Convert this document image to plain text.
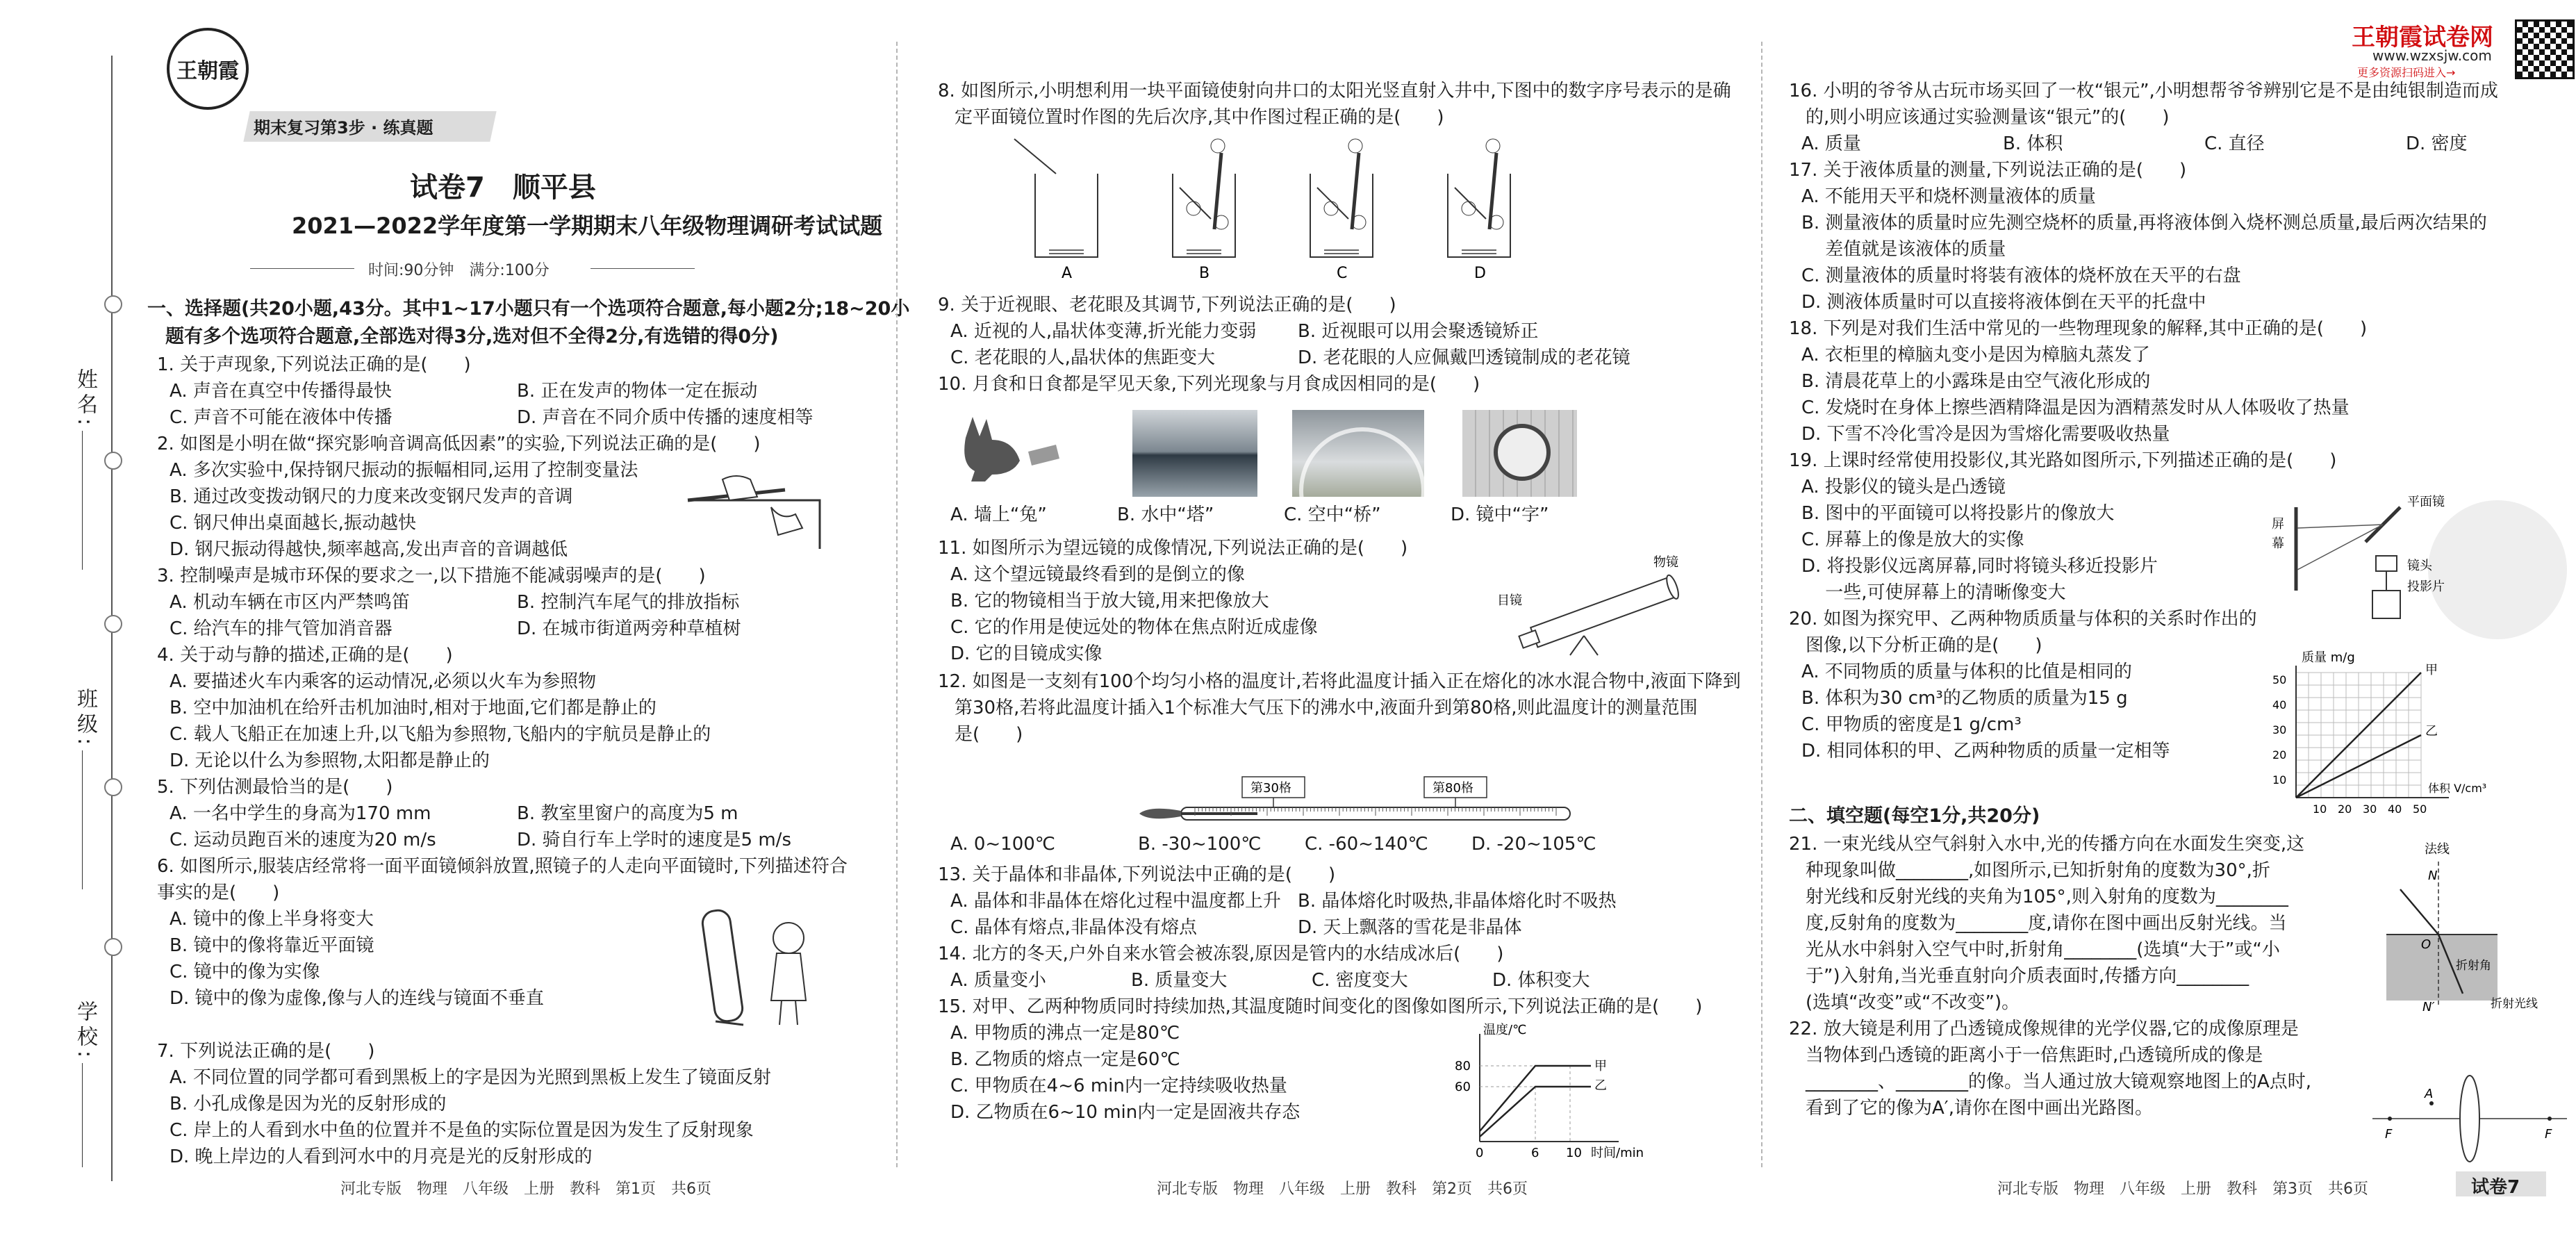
姓名:
班级:
学校:
王朝霞
期末复习第3步 · 练真题
试卷7　顺平县
2021—2022学年度第一学期期末八年级物理调研考试试题
时间:90分钟　满分:100分
一、选择题(共20小题,43分。其中1~17小题只有一个选项符合题意,每小题2分;18~20小
题有多个选项符合题意,全部选对得3分,选对但不全得2分,有选错的得0分)
1. 关于声现象,下列说法正确的是(　　)
A. 声音在真空中传播得最快	B. 正在发声的物体一定在振动
C. 声音不可能在液体中传播	D. 声音在不同介质中传播的速度相等
2. 如图是小明在做“探究影响音调高低因素”的实验,下列说法正确的是(　　)
A. 多次实验中,保持钢尺振动的振幅相同,运用了控制变量法
B. 通过改变拨动钢尺的力度来改变钢尺发声的音调
C. 钢尺伸出桌面越长,振动越快
D. 钢尺振动得越快,频率越高,发出声音的音调越低
3. 控制噪声是城市环保的要求之一,以下措施不能减弱噪声的是(　　)
A. 机动车辆在市区内严禁鸣笛	B. 控制汽车尾气的排放指标
C. 给汽车的排气管加消音器	D. 在城市街道两旁种草植树
4. 关于动与静的描述,正确的是(　　)
A. 要描述火车内乘客的运动情况,必须以火车为参照物
B. 空中加油机在给歼击机加油时,相对于地面,它们都是静止的
C. 载人飞船正在加速上升,以飞船为参照物,飞船内的宇航员是静止的
D. 无论以什么为参照物,太阳都是静止的
5. 下列估测最恰当的是(　　)
A. 一名中学生的身高为170 mm	B. 教室里窗户的高度为5 m
C. 运动员跑百米的速度为20 m/s	D. 骑自行车上学时的速度是5 m/s
6. 如图所示,服装店经常将一面平面镜倾斜放置,照镜子的人走向平面镜时,下列描述符合
事实的是(　　)
A. 镜中的像上半身将变大
B. 镜中的像将靠近平面镜
C. 镜中的像为实像
D. 镜中的像为虚像,像与人的连线与镜面不垂直
7. 下列说法正确的是(　　)
A. 不同位置的同学都可看到黑板上的字是因为光照到黑板上发生了镜面反射
B. 小孔成像是因为光的反射形成的
C. 岸上的人看到水中鱼的位置并不是鱼的实际位置是因为发生了反射现象
D. 晚上岸边的人看到河水中的月亮是光的反射形成的
河北专版　物理　八年级　上册　教科　第1页　共6页
8. 如图所示,小明想利用一块平面镜使射向井口的太阳光竖直射入井中,下图中的数字序号表示的是确
定平面镜位置时作图的先后次序,其中作图过程正确的是(　　)
A	B	C	D
9. 关于近视眼、老花眼及其调节,下列说法正确的是(　　)
A. 近视的人,晶状体变薄,折光能力变弱	B. 近视眼可以用会聚透镜矫正
C. 老花眼的人,晶状体的焦距变大	D. 老花眼的人应佩戴凹透镜制成的老花镜
10. 月食和日食都是罕见天象,下列光现象与月食成因相同的是(　　)
A. 墙上“兔”	B. 水中“塔”	C. 空中“桥”	D. 镜中“字”
11. 如图所示为望远镜的成像情况,下列说法正确的是(　　)
A. 这个望远镜最终看到的是倒立的像
B. 它的物镜相当于放大镜,用来把像放大
C. 它的作用是使远处的物体在焦点附近成虚像
D. 它的目镜成实像
物镜
目镜
12. 如图是一支刻有100个均匀小格的温度计,若将此温度计插入正在熔化的冰水混合物中,液面下降到
第30格,若将此温度计插入1个标准大气压下的沸水中,液面升到第80格,则此温度计的测量范围
是(　　)
第30格	第80格
A. 0~100℃	B. -30~100℃	C. -60~140℃	D. -20~105℃
13. 关于晶体和非晶体,下列说法中正确的是(　　)
A. 晶体和非晶体在熔化过程中温度都上升 B. 晶体熔化时吸热,非晶体熔化时不吸热
C. 晶体有熔点,非晶体没有熔点	D. 天上飘落的雪花是非晶体
14. 北方的冬天,户外自来水管会被冻裂,原因是管内的水结成冰后(　　)
A. 质量变小	B. 质量变大	C. 密度变大	D. 体积变大
15. 对甲、乙两种物质同时持续加热,其温度随时间变化的图像如图所示,下列说法正确的是(　　)
A. 甲物质的沸点一定是80℃
B. 乙物质的熔点一定是60℃
C. 甲物质在4~6 min内一定持续吸收热量
D. 乙物质在6~10 min内一定是固液共存态
温度/℃
时间/min
80
60
0	6 10
甲
乙
河北专版　物理　八年级　上册　教科　第2页　共6页
王朝霞试卷网
www.wzxsjw.com
更多资源扫码进入→
16. 小明的爷爷从古玩市场买回了一枚“银元”,小明想帮爷爷辨别它是不是由纯银制造而成
的,则小明应该通过实验测量该“银元”的(　　)
A. 质量	B. 体积	C. 直径	D. 密度
17. 关于液体质量的测量,下列说法正确的是(　　)
A. 不能用天平和烧杯测量液体的质量
B. 测量液体的质量时应先测空烧杯的质量,再将液体倒入烧杯测总质量,最后两次结果的
　 差值就是该液体的质量
C. 测量液体的质量时将装有液体的烧杯放在天平的右盘
D. 测液体质量时可以直接将液体倒在天平的托盘中
18. 下列是对我们生活中常见的一些物理现象的解释,其中正确的是(　　)
A. 衣柜里的樟脑丸变小是因为樟脑丸蒸发了
B. 清晨花草上的小露珠是由空气液化形成的
C. 发烧时在身体上擦些酒精降温是因为酒精蒸发时从人体吸收了热量
D. 下雪不冷化雪冷是因为雪熔化需要吸收热量
19. 上课时经常使用投影仪,其光路如图所示,下列描述正确的是(　　)
A. 投影仪的镜头是凸透镜
B. 图中的平面镜可以将投影片的像放大
C. 屏幕上的像是放大的实像
D. 将投影仪远离屏幕,同时将镜头移近投影片
　 一些,可使屏幕上的清晰像变大
屏
幕
平面镜
镜头
投影片
20. 如图为探究甲、乙两种物质质量与体积的关系时作出的
图像,以下分析正确的是(　　)
A. 不同物质的质量与体积的比值是相同的
B. 体积为30 cm³的乙物质的质量为15 g
C. 甲物质的密度是1 g/cm³
D. 相同体积的甲、乙两种物质的质量一定相等
质量 m/g
体积 V/cm³
50
40
30
20
10
10 20 30 40 50
甲
乙
二、填空题(每空1分,共20分)
21. 一束光线从空气斜射入水中,光的传播方向在水面发生突变,这
种现象叫做________,如图所示,已知折射角的度数为30°,折
射光线和反射光线的夹角为105°,则入射角的度数为________
度,反射角的度数为________度,请你在图中画出反射光线。当
光从水中斜射入空气中时,折射角________(选填“大于”或“小
于”)入射角,当光垂直射向介质表面时,传播方向________
(选填“改变”或“不改变”)。
法线
N
O
N′
折射角
折射光线
22. 放大镜是利用了凸透镜成像规律的光学仪器,它的成像原理是
当物体到凸透镜的距离小于一倍焦距时,凸透镜所成的像是
________、________的像。当人通过放大镜观察地图上的A点时,
看到了它的像为A′,请你在图中画出光路图。
F	F
A
河北专版　物理　八年级　上册　教科　第3页　共6页	试卷7
